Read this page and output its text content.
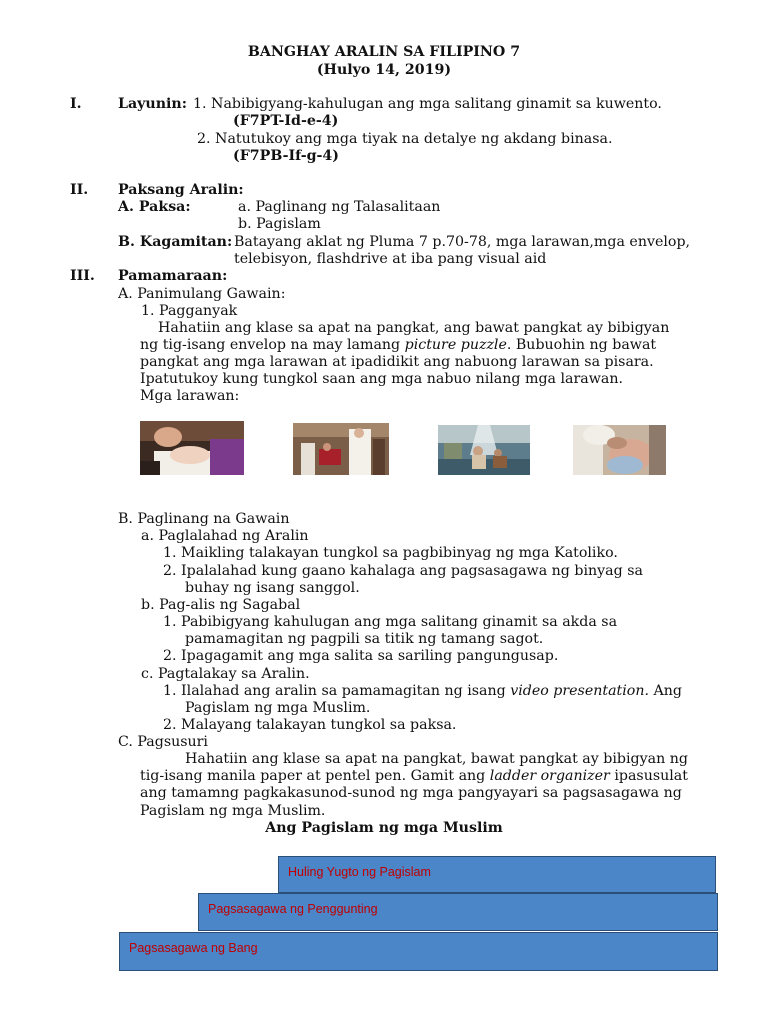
BANGHAY ARALIN SA FILIPINO 7
(Hulyo 14, 2019)
I.	Layunin: 1. Nabibigyang-kahulugan ang mga salitang ginamit sa kuwento.
(F7PT-Id-e-4)
2. Natutukoy ang mga tiyak na detalye ng akdang binasa.
(F7PB-If-g-4)
II. Paksang Aralin:
A. Paksa:	a. Paglinang ng Talasalitaan
b. Pagislam
B. Kagamitan: Batayang aklat ng Pluma 7 p.70-78, mga larawan,mga envelop,
telebisyon, flashdrive at iba pang visual aid
III. Pamamaraan:
A. Panimulang Gawain:
1. Pagganyak
Hahatiin ang klase sa apat na pangkat, ang bawat pangkat ay bibigyan
ng tig-isang envelop na may lamang picture puzzle. Bubuohin ng bawat
pangkat ang mga larawan at ipadidikit ang nabuong larawan sa pisara.
Ipatutukoy kung tungkol saan ang mga nabuo nilang mga larawan.
Mga larawan:
B. Paglinang na Gawain
a. Paglalahad ng Aralin
1. Maikling talakayan tungkol sa pagbibinyag ng mga Katoliko.
2. Ipalalahad kung gaano kahalaga ang pagsasagawa ng binyag sa
buhay ng isang sanggol.
b. Pag-alis ng Sagabal
1. Pabibigyang kahulugan ang mga salitang ginamit sa akda sa
pamamagitan ng pagpili sa titik ng tamang sagot.
2. Ipagagamit ang mga salita sa sariling pangungusap.
c. Pagtalakay sa Aralin.
1. Ilalahad ang aralin sa pamamagitan ng isang video presentation. Ang
Pagislam ng mga Muslim.
2. Malayang talakayan tungkol sa paksa.
C. Pagsusuri
Hahatiin ang klase sa apat na pangkat, bawat pangkat ay bibigyan ng
tig-isang manila paper at pentel pen. Gamit ang ladder organizer ipasusulat
ang tamamng pagkakasunod-sunod ng mga pangyayari sa pagsasagawa ng
Pagislam ng mga Muslim.
Ang Pagislam ng mga Muslim
Huling Yugto ng Pagislam
Pagsasagawa ng Penggunting
Pagsasagawa ng Bang
